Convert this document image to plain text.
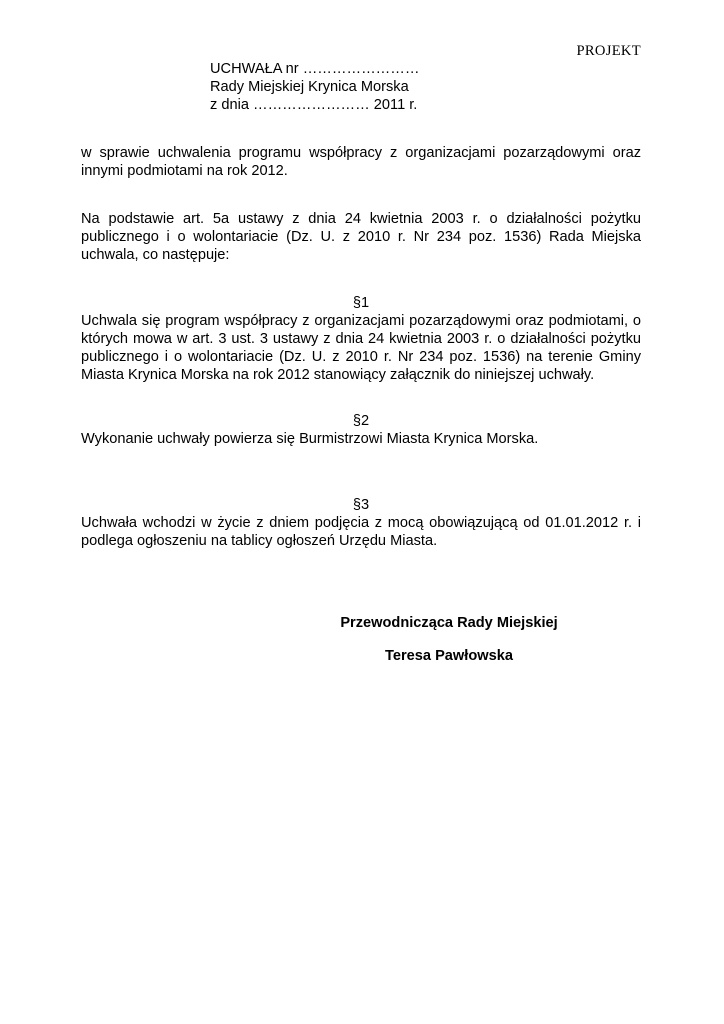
PROJEKT
UCHWAŁA nr ……………………
Rady Miejskiej Krynica Morska
z dnia …………………… 2011 r.
w sprawie uchwalenia programu współpracy z organizacjami pozarządowymi oraz innymi podmiotami na rok 2012.
Na podstawie art. 5a ustawy z dnia 24 kwietnia 2003 r. o działalności pożytku publicznego i o wolontariacie (Dz. U. z 2010 r. Nr 234 poz. 1536) Rada Miejska uchwala, co następuje:
§1
Uchwala się program współpracy z organizacjami pozarządowymi oraz podmiotami, o których mowa w art. 3 ust. 3 ustawy z dnia 24 kwietnia 2003 r. o działalności pożytku publicznego i o wolontariacie (Dz. U. z 2010 r. Nr 234 poz. 1536) na terenie Gminy Miasta Krynica Morska na rok 2012 stanowiący załącznik do niniejszej uchwały.
§2
Wykonanie uchwały powierza się Burmistrzowi Miasta Krynica Morska.
§3
Uchwała wchodzi w życie z dniem podjęcia z mocą obowiązującą od 01.01.2012 r. i podlega ogłoszeniu na tablicy ogłoszeń Urzędu Miasta.
Przewodnicząca Rady Miejskiej
Teresa Pawłowska
